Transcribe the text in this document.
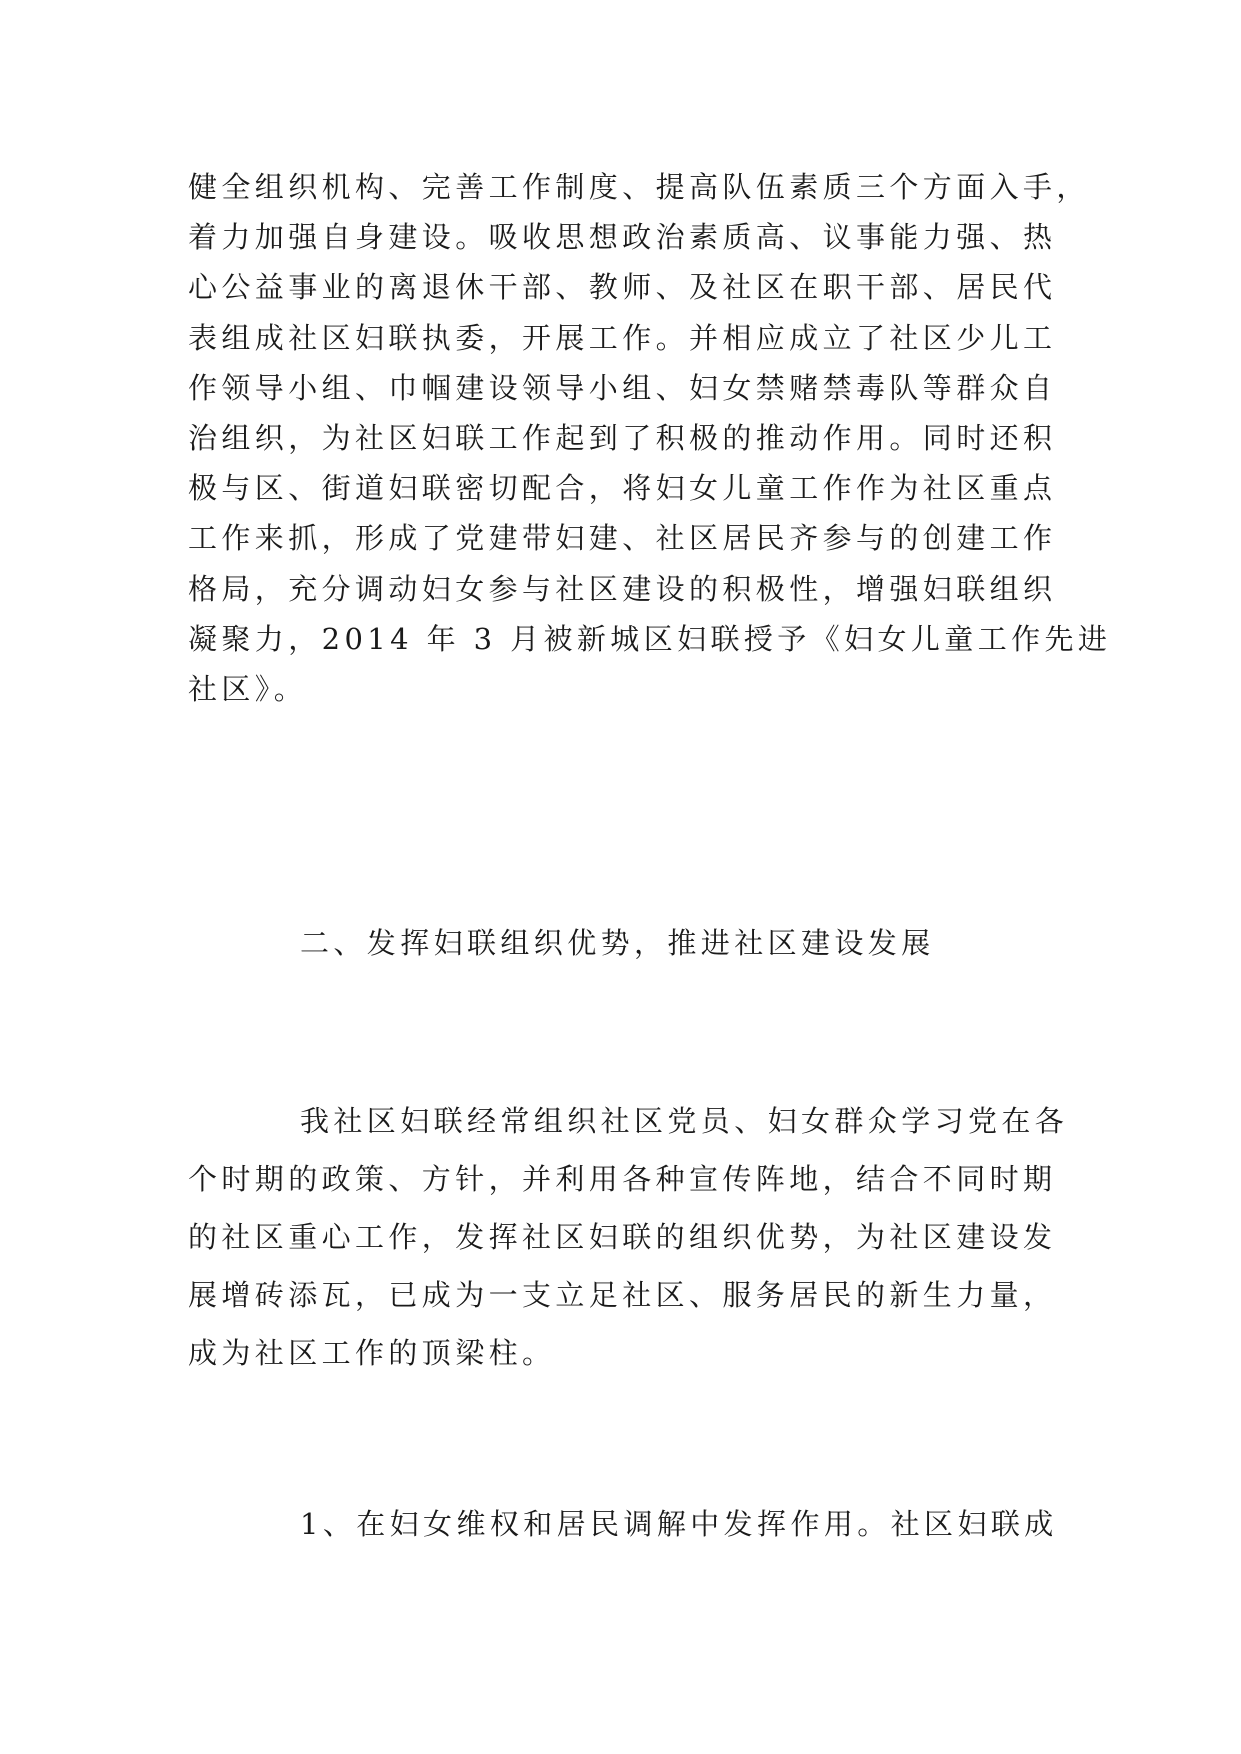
健全组织机构、完善工作制度、提高队伍素质三个方面入手，
着力加强自身建设。吸收思想政治素质高、议事能力强、热
心公益事业的离退休干部、教师、及社区在职干部、居民代
表组成社区妇联执委，开展工作。并相应成立了社区少儿工
作领导小组、巾帼建设领导小组、妇女禁赌禁毒队等群众自
治组织，为社区妇联工作起到了积极的推动作用。同时还积
极与区、街道妇联密切配合，将妇女儿童工作作为社区重点
工作来抓，形成了党建带妇建、社区居民齐参与的创建工作
格局，充分调动妇女参与社区建设的积极性，增强妇联组织
凝聚力，2014 年 3 月被新城区妇联授予《妇女儿童工作先进
社区》。
二、发挥妇联组织优势，推进社区建设发展
我社区妇联经常组织社区党员、妇女群众学习党在各
个时期的政策、方针，并利用各种宣传阵地，结合不同时期
的社区重心工作，发挥社区妇联的组织优势，为社区建设发
展增砖添瓦，已成为一支立足社区、服务居民的新生力量，
成为社区工作的顶梁柱。
1、在妇女维权和居民调解中发挥作用。社区妇联成
